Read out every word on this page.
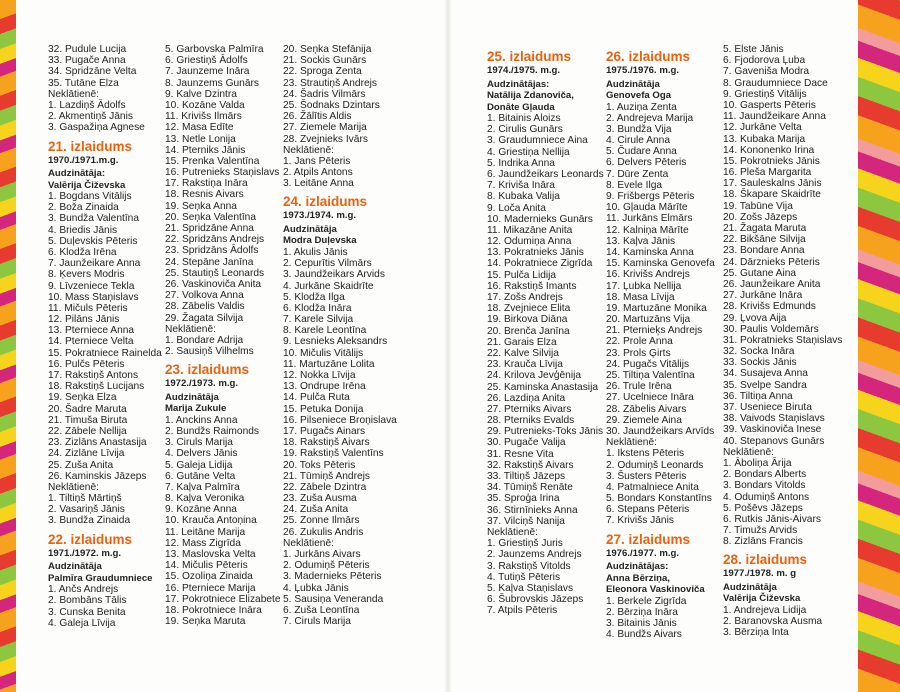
32. Pudule Lucija
33. Pugače Anna
34. Spridzāne Velta
35. Tutāne Elza
Neklātienē:
1. Lazdiņš Ādolfs
2. Akmentiņš Jānis
3. Gaspažiņa Agnese
21. izlaidums
1970./1971.m.g.
Audzinātāja:
Valērija Čiževska
1. Bogdans Vitālijs
2. Boža Zinaida
3. Bundža Valentīna
4. Briedis Jānis
5. Duļevskis Pēteris
6. Klodža Irēna
7. Jaunžeikare Anna
8. Ķevers Modris
9. Līvzeniece Tekla
10. Mass Staņislavs
11. Mičuls Pēteris
12. Pilāns Jānis
13. Pterniece Anna
14. Pterniece Velta
15. Pokratniece Rainelda
16. Pulčs Pēteris
17. Rakstiņš Antons
18. Rakstiņš Lucijans
19. Seņka Elza
20. Šadre Maruta
21. Timuša Biruta
22. Zābele Nellija
23. Zizlāns Anastasija
24. Zizlāne Līvija
25. Zuša Anita
26. Kaminskis Jāzeps
Neklātienē:
1. Tiltiņš Mārtiņš
2. Vasariņš Jānis
3. Bundža Zinaida
22. izlaidums
1971./1972. m.g.
Audzinātāja
Palmīra Graudumniece
1. Ančs Andrejs
2. Bombāns Tālis
3. Cunska Benita
4. Galeja Līvija
5. Garbovska Palmīra
6. Griestiņš Ādolfs
7. Jaunzeme Ināra
8. Jaunzems Gunārs
9. Kalve Dzintra
10. Kozāne Valda
11. Krivišs Ilmārs
12. Masa Edīte
13. Netle Lonija
14. Pterniks Jānis
15. Prenka Valentīna
16. Putrenieks Staņislavs
17. Rakstiņa Ināra
18. Resnis Aivars
19. Seņka Anna
20. Seņka Valentīna
21. Spridzāne Anna
22. Spridzāns Andrejs
23. Spridzāns Ādolfs
24. Stepāne Janīna
25. Stautiņš Leonards
26. Vaskinoviča Anita
27. Volkova Anna
28. Zābelis Valdis
29. Žagata Silvija
Neklātienē:
1. Bondare Adrija
2. Sausiņš Vilhelms
23. izlaidums
1972./1973. m.g.
Audzinātāja
Marija Zukule
1. Anckins Anna
2. Bundžs Raimonds
3. Ciruls Marija
4. Delvers Jānis
5. Galeja Lidija
6. Gutāne Velta
7. Kaļva Palmīra
8. Kaļva Veronika
9. Kozāne Anna
10. Krauča Antoņina
11. Leitāne Marija
12. Mass Zigrīda
13. Maslovska Velta
14. Mičulis Pēteris
15. Ozoliņa Zinaida
16. Pterniece Marija
17. Pokrotniece Elizabete
18. Pokrotniece Ināra
19. Seņka Maruta
20. Seņka Stefānija
21. Sockis Gunārs
22. Sproga Zenta
23. Strautiņš Andrejs
24. Šadris Vilmārs
25. Šodnaks Dzintars
26. Žālītis Aldis
27. Ziemele Marija
28. Zvejnieks Ivārs
Neklātienē:
1. Jans Pēteris
2. Atpils Antons
3. Leitāne Anna
24. izlaidums
1973./1974. m.g.
Audzinātāja
Modra Duļevska
1. Akulis Jānis
2. Cepurītis Vilmārs
3. Jaundžeikars Arvids
4. Jurkāne Skaidrīte
5. Klodža Ilga
6. Klodža Ināra
7. Karele Silvija
8. Karele Leontīna
9. Lesnieks Aleksandrs
10. Mičulis Vitālijs
11. Martuzāne Lolita
12. Nokka Līvija
13. Ondrupe Irēna
14. Pulča Ruta
15. Petuka Donija
16. Pilseniece Broņislava
17. Pugačs Ainars
18. Rakstiņš Aivars
19. Rakstiņš Valentīns
20. Toks Pēteris
21. Tūmiņš Andrejs
22. Zābele Dzintra
23. Zuša Ausma
24. Zuša Anita
25. Zonne Ilmārs
26. Zukulis Andris
Neklātienē:
1. Jurkāns Aivars
2. Odumiņš Pēteris
3. Madernieks Pēteris
4. Ļubka Jānis
5. Sausiņa Veneranda
6. Zuša Leontīna
7. Ciruls Marija
25. izlaidums
1974./1975. m.g.
Audzinātājas:
Natālija Zdanoviča,
Donāte Gļauda
1. Bitainis Aloizs
2. Cirulis Gunārs
3. Graudumniece Aina
4. Griestiņa Nellija
5. Indrika Anna
6. Jaundžeikars Leonards
7. Kriviša Ināra
8. Kubaka Valija
9. Loča Anita
10. Madernieks Gunārs
11. Mikazāne Anita
12. Odumiņa Anna
13. Pokratnieks Jānis
14. Pokratniece Zigrīda
15. Pulča Lidija
16. Rakstiņš Imants
17. Zošs Andrejs
18. Zvejniece Elita
19. Birkova Diāna
20. Brenča Janīna
21. Garais Elza
22. Kalve Silvija
23. Krauča Līvija
24. Krilova Jevģēnija
25. Kaminska Anastasija
26. Lazdiņa Anita
27. Pterniks Aivars
28. Pterniks Evalds
29. Putrenieks-Toks Jānis
30. Pugače Valija
31. Resne Vita
32. Rakstiņš Aivars
33. Tiltiņš Jāzeps
34. Tūmiņš Renāte
35. Sproģa Irina
36. Stirnīnieks Anna
37. Vilciņš Nanija
Neklātienē:
1. Griestiņš Juris
2. Jaunzems Andrejs
3. Rakstiņš Vitolds
4. Tutiņš Pēteris
5. Kaļva Staņislavs
6. Šubrovskis Jāzeps
7. Atpils Pēteris
26. izlaidums
1975./1976. m.g.
Audzinātāja
Genovefa Oga
1. Auziņa Zenta
2. Andrejeva Marija
3. Bundža Vija
4. Cirule Anna
5. Čudare Anna
6. Delvers Pēteris
7. Dūre Zenta
8. Evele Ilga
9. Frišbergs Pēteris
10. Gļauda Mārīte
11. Jurkāns Elmārs
12. Kalniņa Mārīte
13. Kaļva Jānis
14. Kaminska Anna
15. Kaminska Genovefa
16. Krivišs Andrejs
17. Ļubka Nellija
18. Masa Līvija
19. Martuzāne Monika
20. Martuzāns Vija
21. Pterniek̦s Andrejs
22. Prole Anna
23. Prols Ģirts
24. Pugačs Vitālijs
25. Tiltiņa Valentīna
26. Trule Irēna
27. Ucelniece Ināra
28. Zābelis Aivars
29. Ziemele Aina
30. Jaundžeikars Arvīds
Neklātienē:
1. Ikstens Pēteris
2. Odumiņš Leonards
3. Šusters Pēteris
4. Patmalniece Anita
5. Bondars Konstantīns
6. Stepans Pēteris
7. Krivišs Jānis
27. izlaidums
1976./1977. m.g.
Audzinātājas:
Anna Bērziņa,
Eleonora Vaskinoviča
1. Berkele Zigrīda
2. Bērziņa Ināra
3. Bitainis Jānis
4. Bundžs Aivars
5. Elste Jānis
6. Fjodorova Ļuba
7. Gaveniša Modra
8. Graudumniece Dace
9. Griestiņš Vitālijs
10. Gasperts Pēteris
11. Jaundžeikare Anna
12. Jurkāne Velta
13. Kubaka Marija
14. Kononenko Irina
15. Pokrotnieks Jānis
16. Pleša Margarita
17. Sauleskalns Jānis
18. Škapare Skaidrīte
19. Tabūne Vija
20. Zošs Jāzeps
21. Žagata Maruta
22. Bikšāne Silvija
23. Bondare Anna
24. Dārznieks Pēteris
25. Gutane Aina
26. Jaunžeikare Anita
27. Jurkāne Ināra
28. Krivišs Edmunds
29. Ļvova Aija
30. Paulis Voldemārs
31. Pokratnieks Staņislavs
32. Socka Ināra
33. Sockis Jānis
34. Susajeva Anna
35. Svelpe Sandra
36. Tiltiņa Anna
37. Useniece Biruta
38. Vaivods Staņislavs
39. Vaskinoviča Inese
40. Stepanovs Gunārs
Neklātienē:
1. Āboliņa Ārija
2. Bondars Alberts
3. Bondars Vitolds
4. Odumiņš Antons
5. Pošēvs Jāzeps
6. Rutkis Jānis-Aivars
7. Timužs Arvids
8. Zizlāns Francis
28. izlaidums
1977./1978. m. g
Audzinātāja
Valērija Čiževska
1. Andrejeva Lidija
2. Baranovska Ausma
3. Bērziņa Inta
